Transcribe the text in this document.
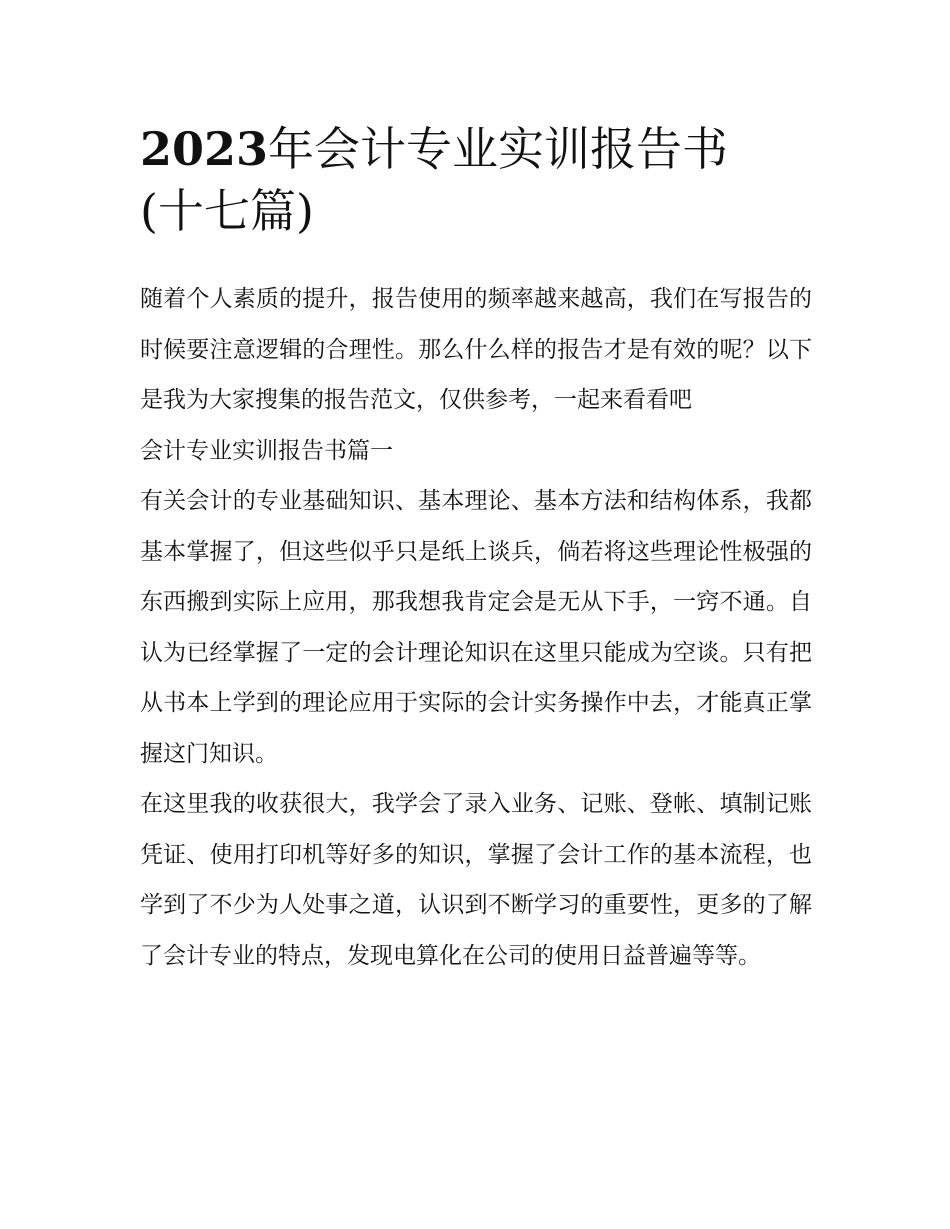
2023年会计专业实训报告书
(十七篇)

随着个人素质的提升，报告使用的频率越来越高，我们在写报告的时候要注意逻辑的合理性。那么什么样的报告才是有效的呢？以下是我为大家搜集的报告范文，仅供参考，一起来看看吧

会计专业实训报告书篇一

有关会计的专业基础知识、基本理论、基本方法和结构体系，我都基本掌握了，但这些似乎只是纸上谈兵，倘若将这些理论性极强的东西搬到实际上应用，那我想我肯定会是无从下手，一窍不通。自认为已经掌握了一定的会计理论知识在这里只能成为空谈。只有把从书本上学到的理论应用于实际的会计实务操作中去，才能真正掌握这门知识。

在这里我的收获很大，我学会了录入业务、记账、登帐、填制记账凭证、使用打印机等好多的知识，掌握了会计工作的基本流程，也学到了不少为人处事之道，认识到不断学习的重要性，更多的了解了会计专业的特点，发现电算化在公司的使用日益普遍等等。
